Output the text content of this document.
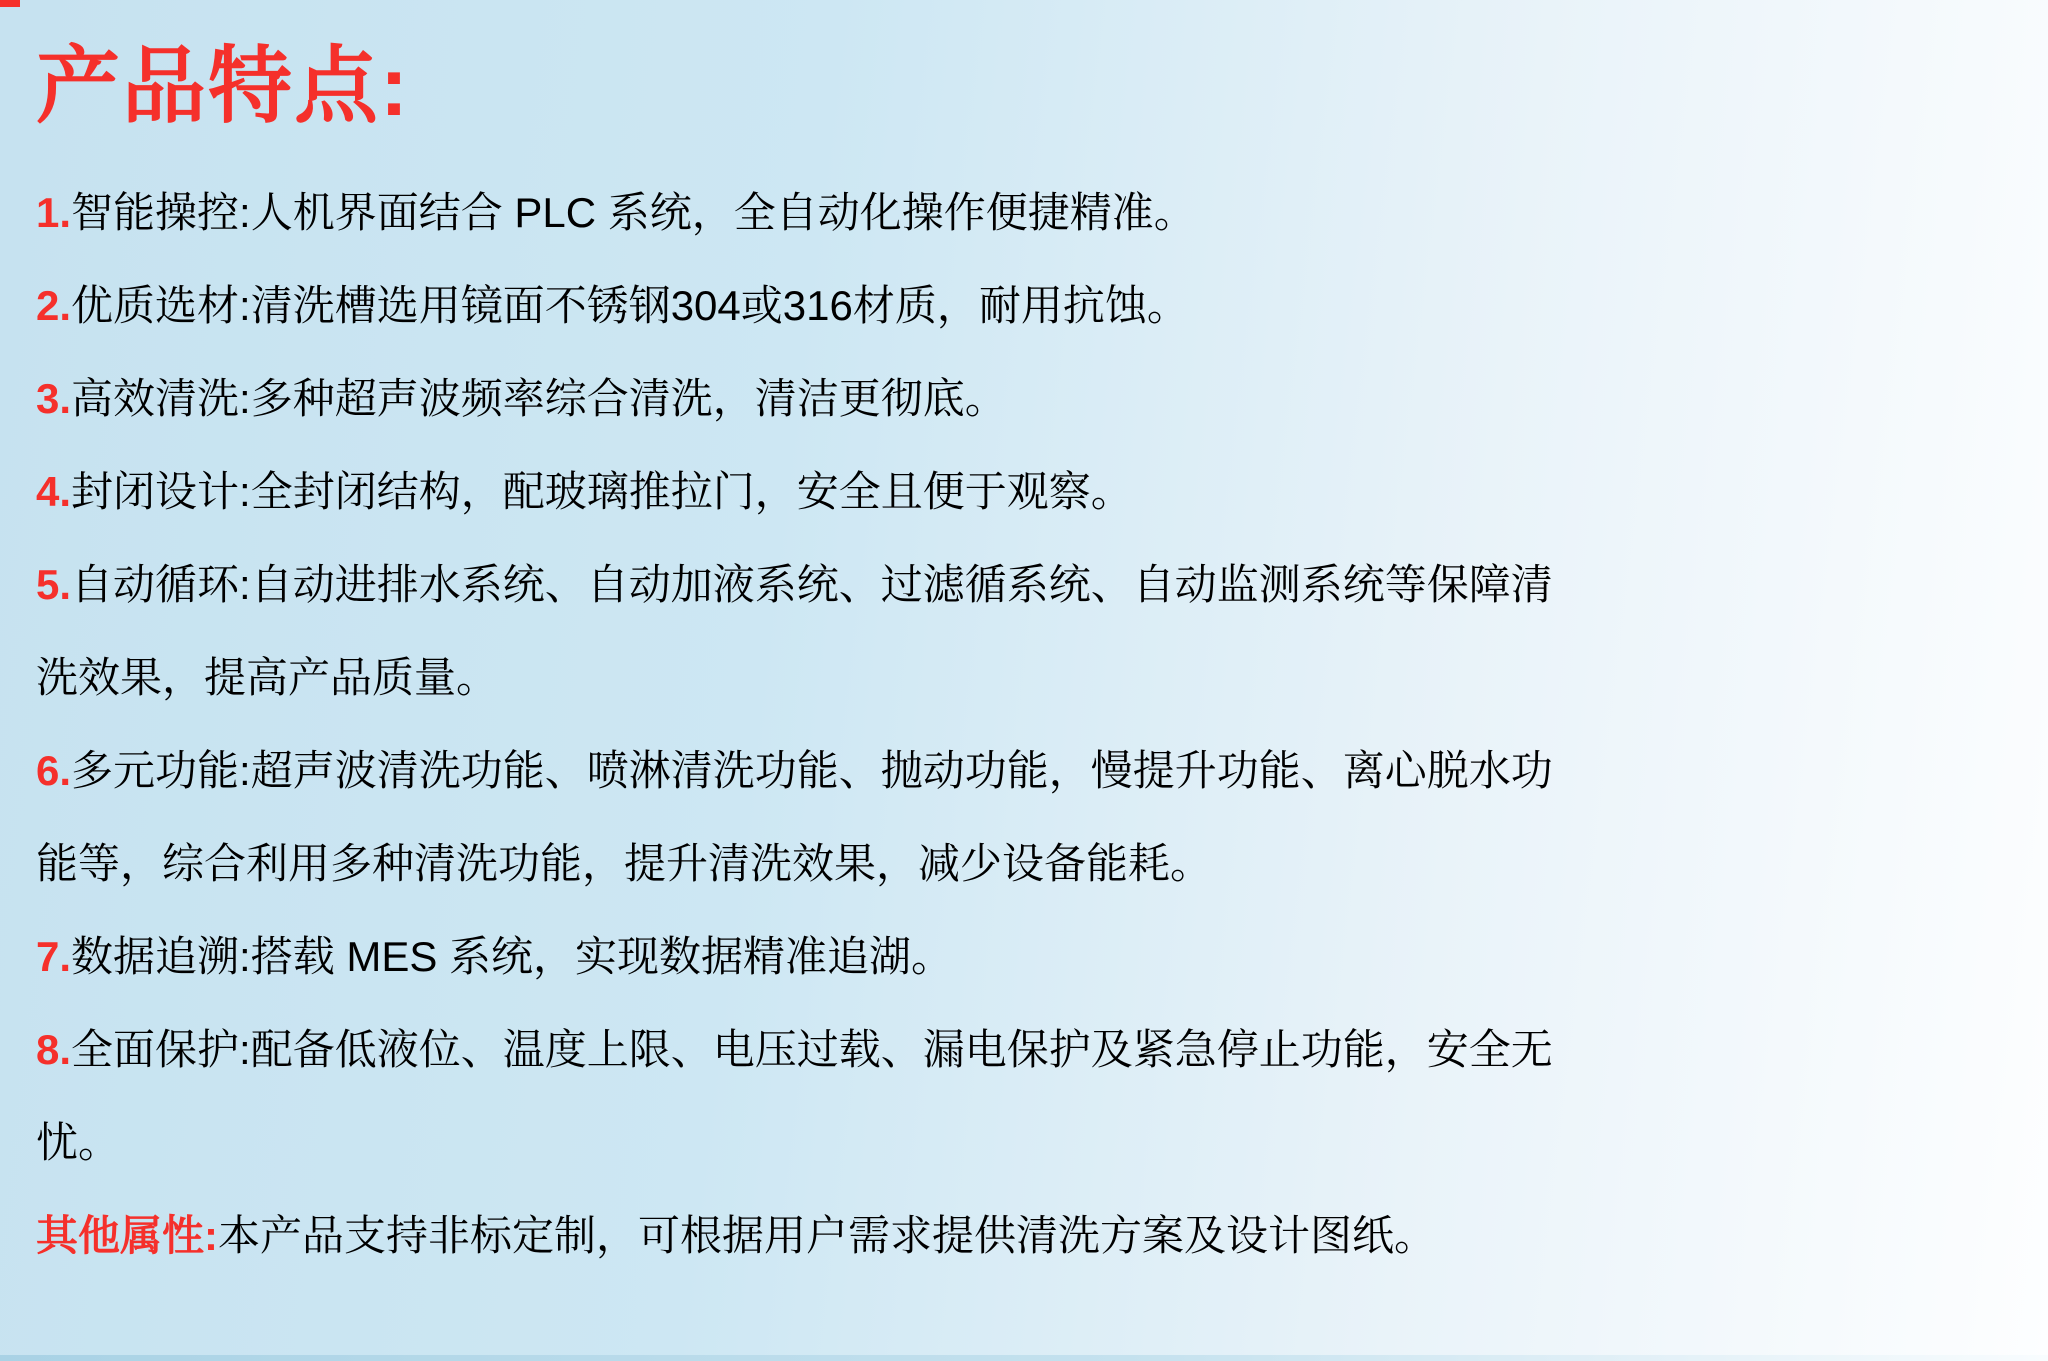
产品特点:

1.智能操控:人机界面结合 PLC 系统，全自动化操作便捷精准。

2.优质选材:清洗槽选用镜面不锈钢304或316材质，耐用抗蚀。

3.高效清洗:多种超声波频率综合清洗，清洁更彻底。

4.封闭设计:全封闭结构，配玻璃推拉门，安全且便于观察。

5.自动循环:自动进排水系统、自动加液系统、过滤循系统、自动监测系统等保障清洗效果，提高产品质量。

6.多元功能:超声波清洗功能、喷淋清洗功能、抛动功能，慢提升功能、离心脱水功能等，综合利用多种清洗功能，提升清洗效果，减少设备能耗。

7.数据追溯:搭载 MES 系统，实现数据精准追湖。

8.全面保护:配备低液位、温度上限、电压过载、漏电保护及紧急停止功能，安全无忧。

其他属性:本产品支持非标定制，可根据用户需求提供清洗方案及设计图纸。
